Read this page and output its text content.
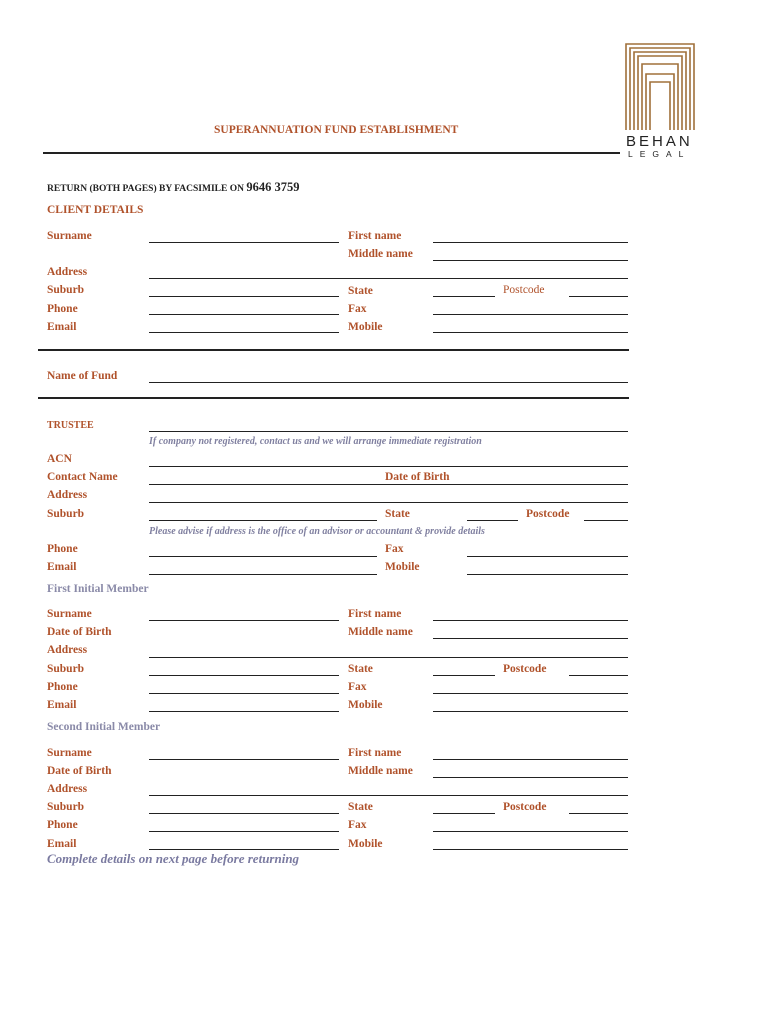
BEHAN
LEGAL
SUPERANNUATION FUND ESTABLISHMENT
RETURN (BOTH PAGES) BY FACSIMILE ON 9646 3759
CLIENT DETAILS
Surname	First name
Middle name
Address
Suburb	State	Postcode
Phone	Fax
Email	Mobile
Name of Fund
TRUSTEE
If company not registered, contact us and we will arrange immediate registration
ACN
Contact Name	Date of Birth
Address
Suburb	State	Postcode
Please advise if address is the office of an advisor or accountant & provide details
Phone	Fax
Email	Mobile
First Initial Member
Surname	First name
Date of Birth	Middle name
Address
Suburb	State	Postcode
Phone	Fax
Email	Mobile
Second Initial Member
Surname	First name
Date of Birth	Middle name
Address
Suburb	State	Postcode
Phone	Fax
Email	Mobile
Complete details on next page before returning
